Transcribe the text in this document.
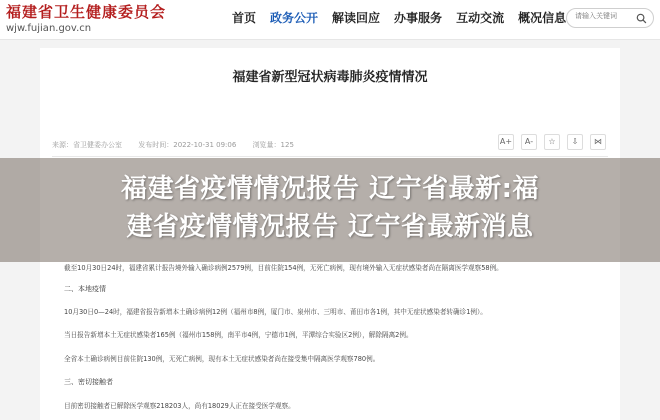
福建省卫生健康委员会
wjw.fujian.gov.cn
首页 政务公开 解读回应 办事服务 互动交流 概况信息
请输入关键词
福建省新型冠状病毒肺炎疫情情况
来源：省卫健委办公室 发布时间：2022-10-31 09:06 浏览量：125	A+	A-	☆	⇩	⋈
截至10月30日24时，福建省累计报告境外输入确诊病例2579例，目前住院154例，无死亡病例，现有境外输入无症状感染者尚在隔离医学观察58例。
二、本地疫情
10月30日0—24时，福建省报告新增本土确诊病例12例（福州市8例，厦门市、泉州市、三明市、莆田市各1例，其中无症状感染者转确诊1例）。
当日报告新增本土无症状感染者165例（福州市158例，南平市4例，宁德市1例，平潭综合实验区2例），解除隔离2例。
全省本土确诊病例目前住院130例，无死亡病例，现有本土无症状感染者尚在接受集中隔离医学观察780例。
三、密切接触者
目前密切接触者已解除医学观察218203人，尚有18029人正在接受医学观察。
福建省疫情情况报告 辽宁省最新:福
建省疫情情况报告 辽宁省最新消息
